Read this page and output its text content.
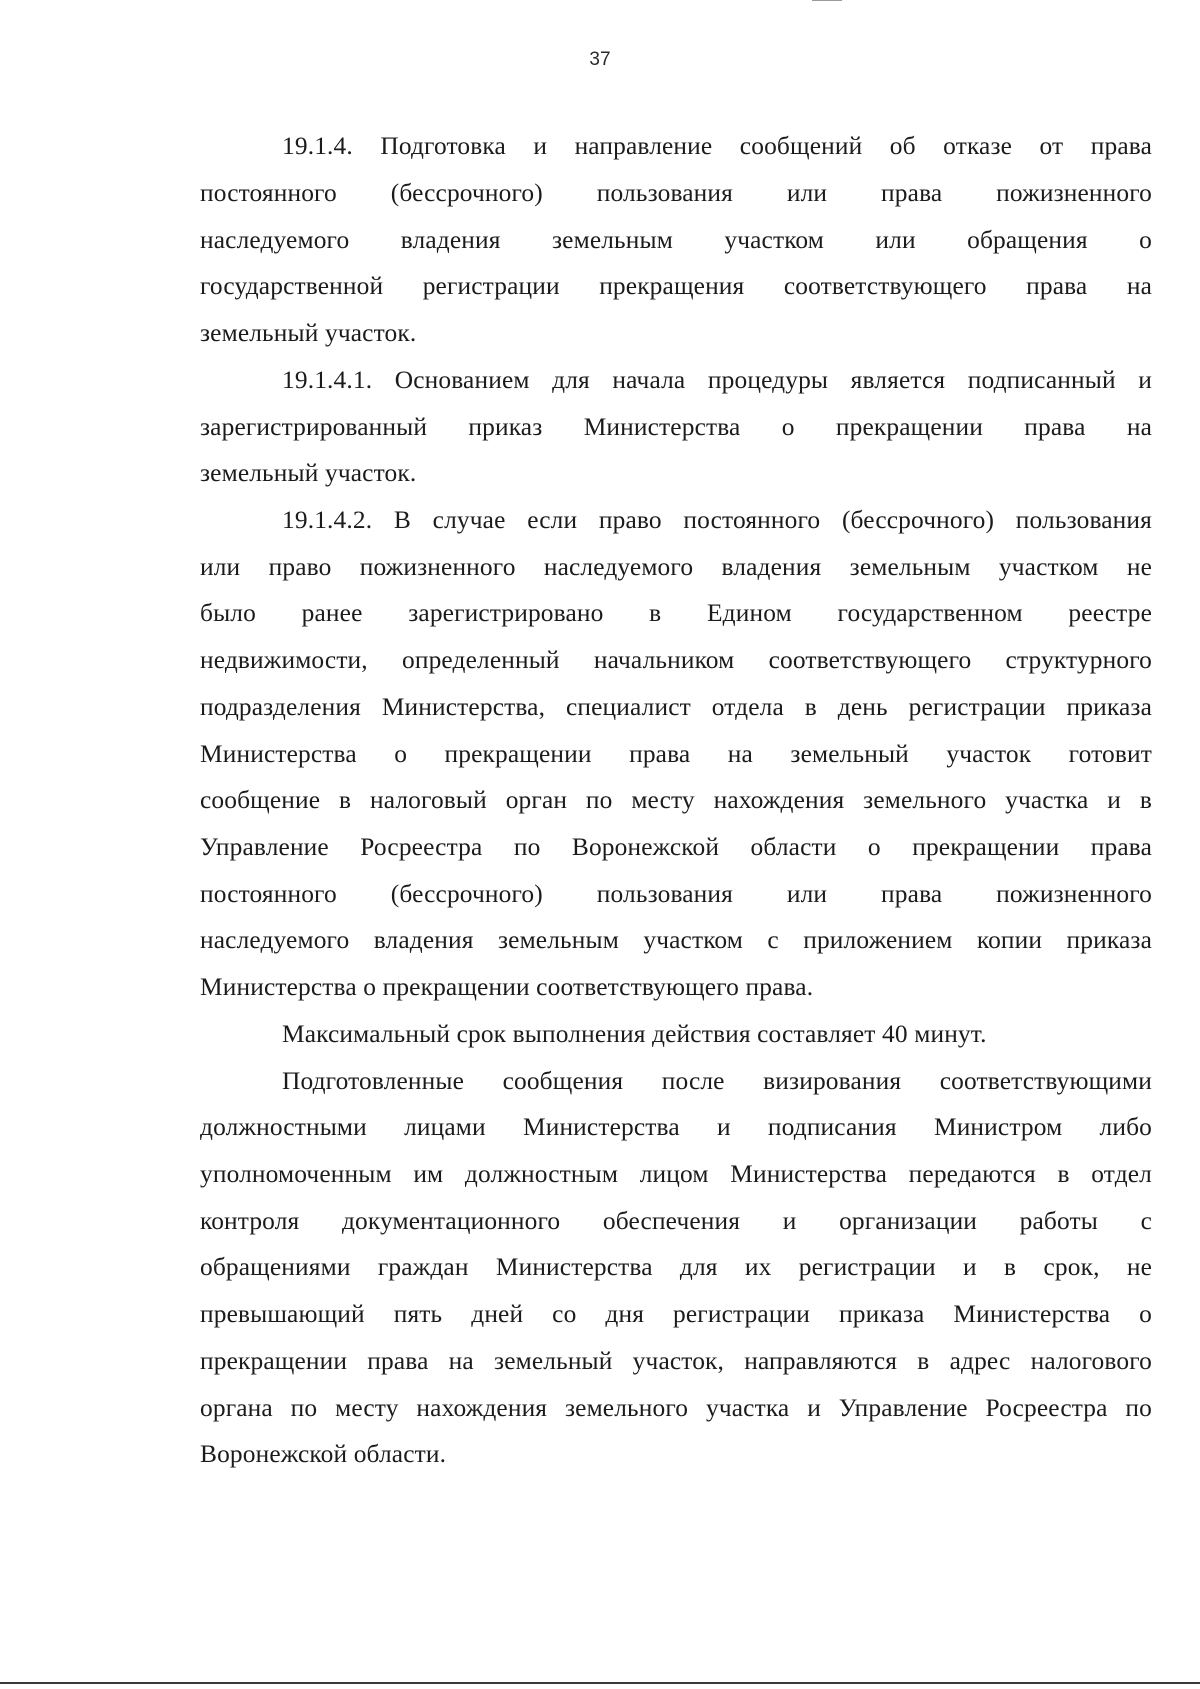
37
19.1.4. Подготовка и направление сообщений об отказе от права
постоянного (бессрочного) пользования или права пожизненного
наследуемого владения земельным участком или обращения о
государственной регистрации прекращения соответствующего права на
земельный участок.
19.1.4.1. Основанием для начала процедуры является подписанный и
зарегистрированный приказ Министерства о прекращении права на
земельный участок.
19.1.4.2. В случае если право постоянного (бессрочного) пользования
или право пожизненного наследуемого владения земельным участком не
было ранее зарегистрировано в Едином государственном реестре
недвижимости, определенный начальником соответствующего структурного
подразделения Министерства, специалист отдела в день регистрации приказа
Министерства о прекращении права на земельный участок готовит
сообщение в налоговый орган по месту нахождения земельного участка и в
Управление Росреестра по Воронежской области о прекращении права
постоянного (бессрочного) пользования или права пожизненного
наследуемого владения земельным участком с приложением копии приказа
Министерства о прекращении соответствующего права.
Максимальный срок выполнения действия составляет 40 минут.
Подготовленные сообщения после визирования соответствующими
должностными лицами Министерства и подписания Министром либо
уполномоченным им должностным лицом Министерства передаются в отдел
контроля документационного обеспечения и организации работы с
обращениями граждан Министерства для их регистрации и в срок, не
превышающий пять дней со дня регистрации приказа Министерства о
прекращении права на земельный участок, направляются в адрес налогового
органа по месту нахождения земельного участка и Управление Росреестра по
Воронежской области.
